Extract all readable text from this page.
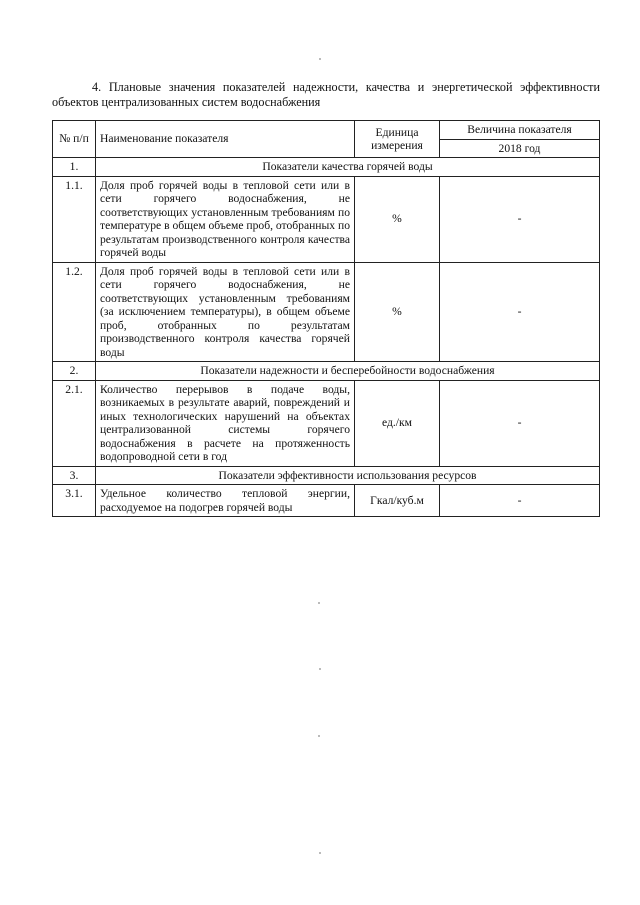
4. Плановые значения показателей надежности, качества и энергетической эффективности объектов централизованных систем водоснабжения
№ п/п	Наименование показателя	Единица измерения	Величина показателя
			2018 год
1.	Показатели качества горячей воды		
1.1.	Доля проб горячей воды в тепловой сети или в сети горячего водоснабжения, не соответствующих установленным требованиям по температуре в общем объеме проб, отобранных по результатам производственного контроля качества горячей воды	%	-
1.2.	Доля проб горячей воды в тепловой сети или в сети горячего водоснабжения, не соответствующих установленным требованиям (за исключением температуры), в общем объеме проб, отобранных по результатам производственного контроля качества горячей воды	%	-
2.	Показатели надежности и бесперебойности водоснабжения		
2.1.	Количество перерывов в подаче воды, возникаемых в результате аварий, повреждений и иных технологических нарушений на объектах централизованной системы горячего водоснабжения в расчете на протяженность водопроводной сети в год	ед./км	-
3.	Показатели эффективности использования ресурсов		
3.1.	Удельное количество тепловой энергии, расходуемое на подогрев горячей воды	Гкал/куб.м	-
